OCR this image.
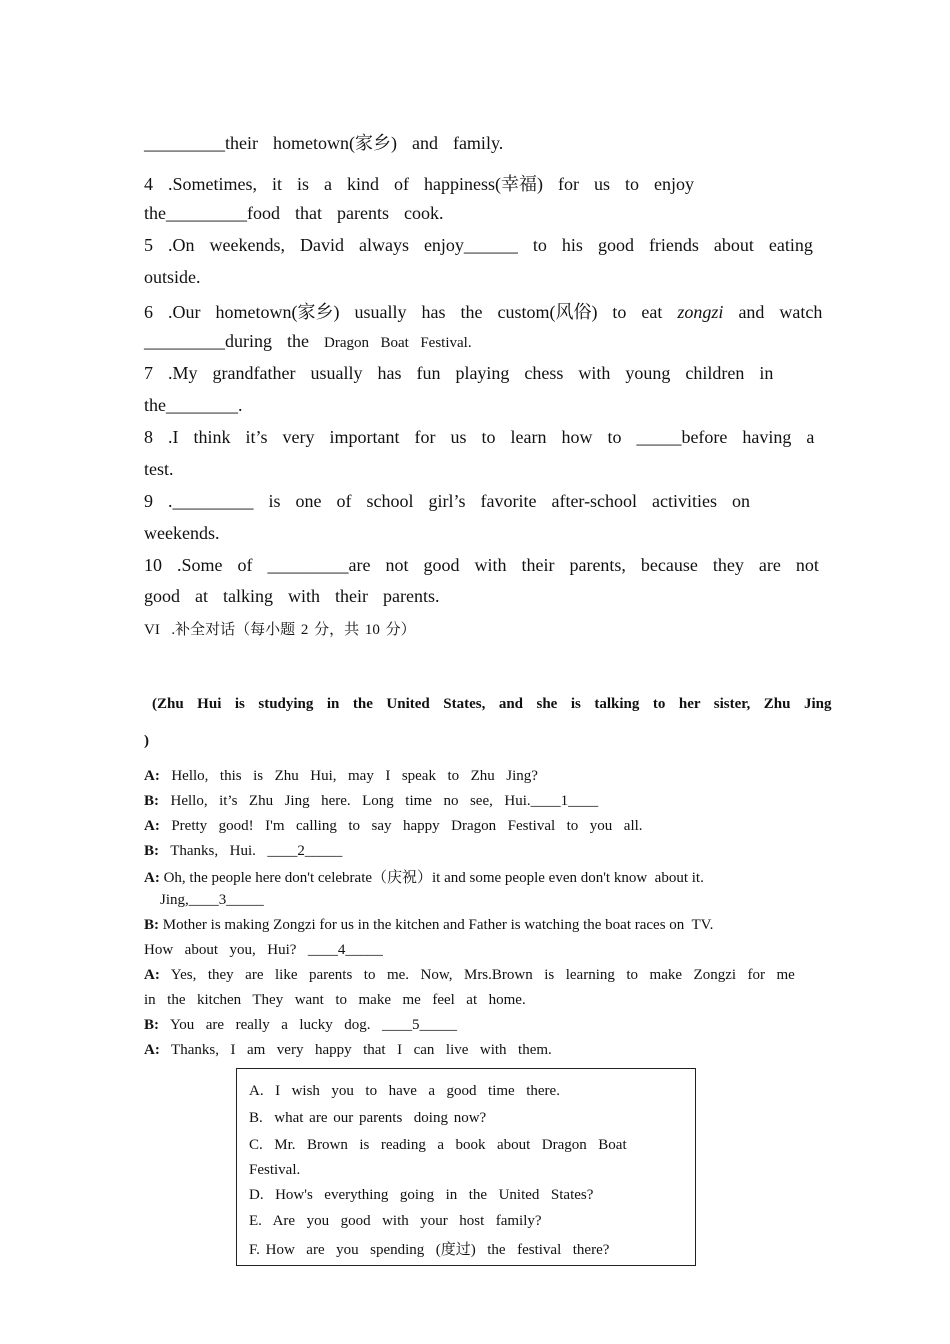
_________their  hometown(家乡)  and  family.
4  .Sometimes,  it  is  a  kind  of  happiness(幸福)  for  us  to  enjoy
the_________food  that  parents  cook.
5  .On  weekends,  David  always  enjoy______  to  his  good  friends  about  eating
outside.
6  .Our  hometown(家乡)  usually  has  the  custom(风俗)  to  eat  zongzi  and  watch
_________during  the  Dragon  Boat  Festival.
7  .My  grandfather  usually  has  fun  playing  chess  with  young  children  in
the________.
8  .I  think  it’s  very  important  for  us  to  learn  how  to  _____before  having  a
test.
9  ._________  is  one  of  school  girl’s  favorite  after-school  activities  on
weekends.
10  .Some  of  _________are  not  good  with  their  parents,  because  they  are  not
good  at  talking  with  their  parents.
VI  .补全对话（每小题 2 分，共 10 分）
(Zhu  Hui  is  studying  in  the  United  States,  and  she  is  talking  to  her  sister,  Zhu  Jing
)
A:  Hello,  this  is  Zhu  Hui,  may  I  speak  to  Zhu  Jing?
B:  Hello,  it’s  Zhu  Jing  here.  Long  time  no  see,  Hui.____1____
A:  Pretty  good!  I'm  calling  to  say  happy  Dragon  Festival  to  you  all.
B:  Thanks,  Hui.  ____2_____
A: Oh, the people here don't celebrate（庆祝）it and some people even don't know  about it.
Jing,____3_____
B: Mother is making Zongzi for us in the kitchen and Father is watching the boat races on  TV.
How  about  you,  Hui?  ____4_____
A:  Yes,  they  are  like  parents  to  me.  Now,  Mrs.Brown  is  learning  to  make  Zongzi  for  me
in  the  kitchen  They  want  to  make  me  feel  at  home.
B:  You  are  really  a  lucky  dog.  ____5_____
A:  Thanks,  I  am  very  happy  that  I  can  live  with  them.
A.  I  wish  you  to  have  a  good  time  there.
B.  what are our parents  doing now?
C.  Mr.  Brown  is  reading  a  book  about  Dragon  Boat
Festival.
D.  How's  everything  going  in  the  United  States?
E.  Are  you  good  with  your  host  family?
F. How  are  you  spending  (度过)  the  festival  there?
